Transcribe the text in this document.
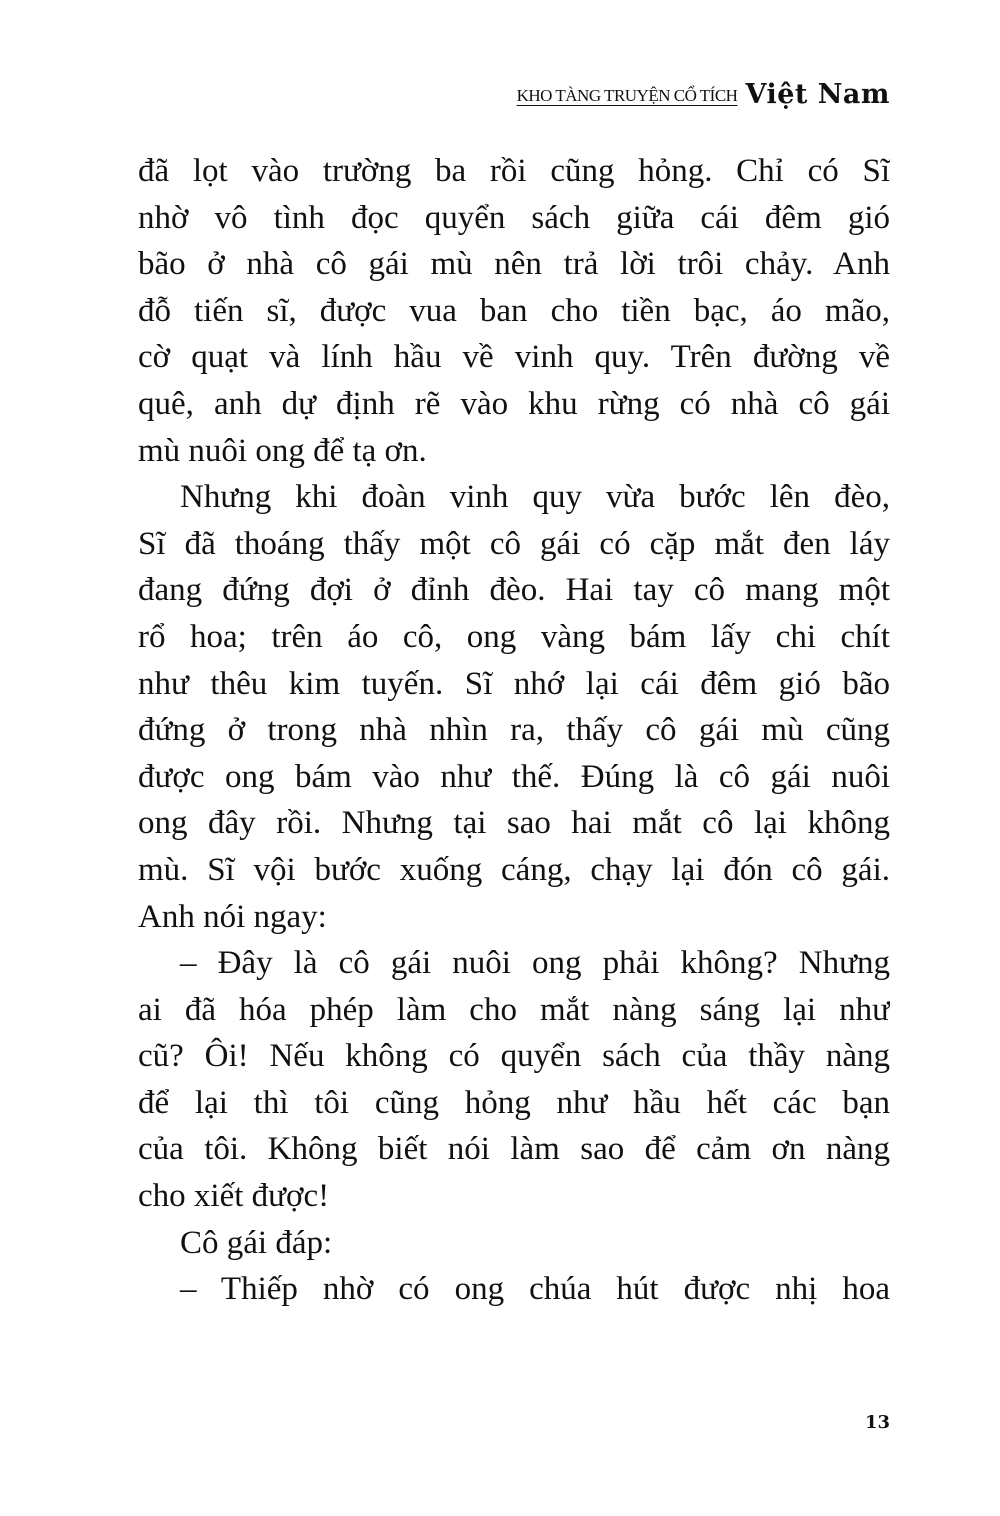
KHO TÀNG TRUYỆN CỔ TÍCH Việt Nam
đã lọt vào trường ba rồi cũng hỏng. Chỉ có Sĩ
nhờ vô tình đọc quyển sách giữa cái đêm gió
bão ở nhà cô gái mù nên trả lời trôi chảy. Anh
đỗ tiến sĩ, được vua ban cho tiền bạc, áo mão,
cờ quạt và lính hầu về vinh quy. Trên đường về
quê, anh dự định rẽ vào khu rừng có nhà cô gái
mù nuôi ong để tạ ơn.
Nhưng khi đoàn vinh quy vừa bước lên đèo,
Sĩ đã thoáng thấy một cô gái có cặp mắt đen láy
đang đứng đợi ở đỉnh đèo. Hai tay cô mang một
rổ hoa; trên áo cô, ong vàng bám lấy chi chít
như thêu kim tuyến. Sĩ nhớ lại cái đêm gió bão
đứng ở trong nhà nhìn ra, thấy cô gái mù cũng
được ong bám vào như thế. Đúng là cô gái nuôi
ong đây rồi. Nhưng tại sao hai mắt cô lại không
mù. Sĩ vội bước xuống cáng, chạy lại đón cô gái.
Anh nói ngay:
– Đây là cô gái nuôi ong phải không? Nhưng
ai đã hóa phép làm cho mắt nàng sáng lại như
cũ? Ôi! Nếu không có quyển sách của thầy nàng
để lại thì tôi cũng hỏng như hầu hết các bạn
của tôi. Không biết nói làm sao để cảm ơn nàng
cho xiết được!
Cô gái đáp:
– Thiếp nhờ có ong chúa hút được nhị hoa
13
